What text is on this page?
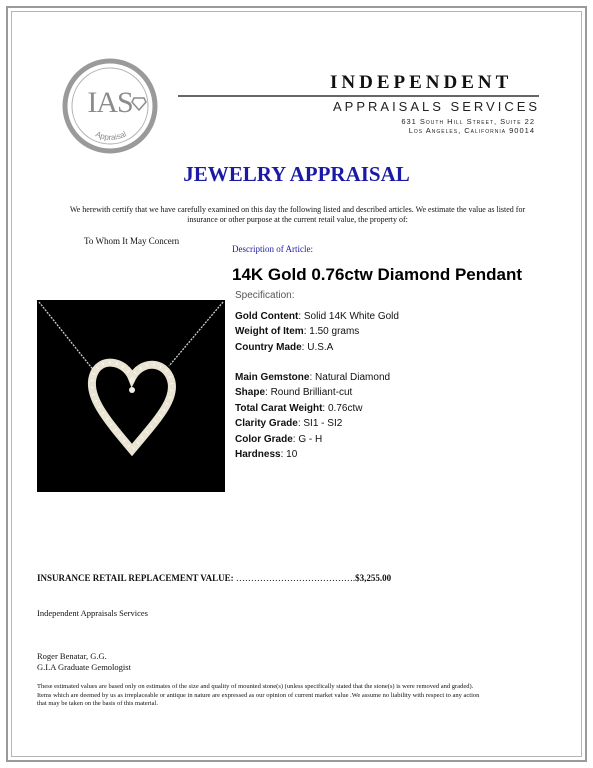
IAS
Appraisal
INDEPENDENT
APPRAISALS SERVICES
631 South Hill Street, Suite 22
Los Angeles, California 90014
JEWELRY APPRAISAL
We herewith certify that we have carefully examined on this day the following listed and described articles. We estimate the value as listed for
insurance or other purpose at the current retail value, the property of:
To Whom It May Concern
Description of Article:
14K Gold 0.76ctw Diamond Pendant
Specification:
Gold Content: Solid 14K White Gold
Weight of Item: 1.50 grams
Country Made: U.S.A
Main Gemstone: Natural Diamond
Shape: Round Brilliant-cut
Total Carat Weight: 0.76ctw
Clarity Grade: SI1 - SI2
Color Grade: G - H
Hardness: 10
INSURANCE RETAIL REPLACEMENT VALUE: ………………………………….$3,255.00
Independent Appraisals Services
Roger Benatar, G.G.
G.I.A Graduate Gemologist
These estimated values are based only on estimates of the size and quality of mounted stone(s) (unless specifically stated that the stone(s) is were removed and graded). Items which are deemed by us as irreplaceable or antique in nature are expressed as our opinion of current market value .We assume no liability with respect to any action that may be taken on the basis of this material.
